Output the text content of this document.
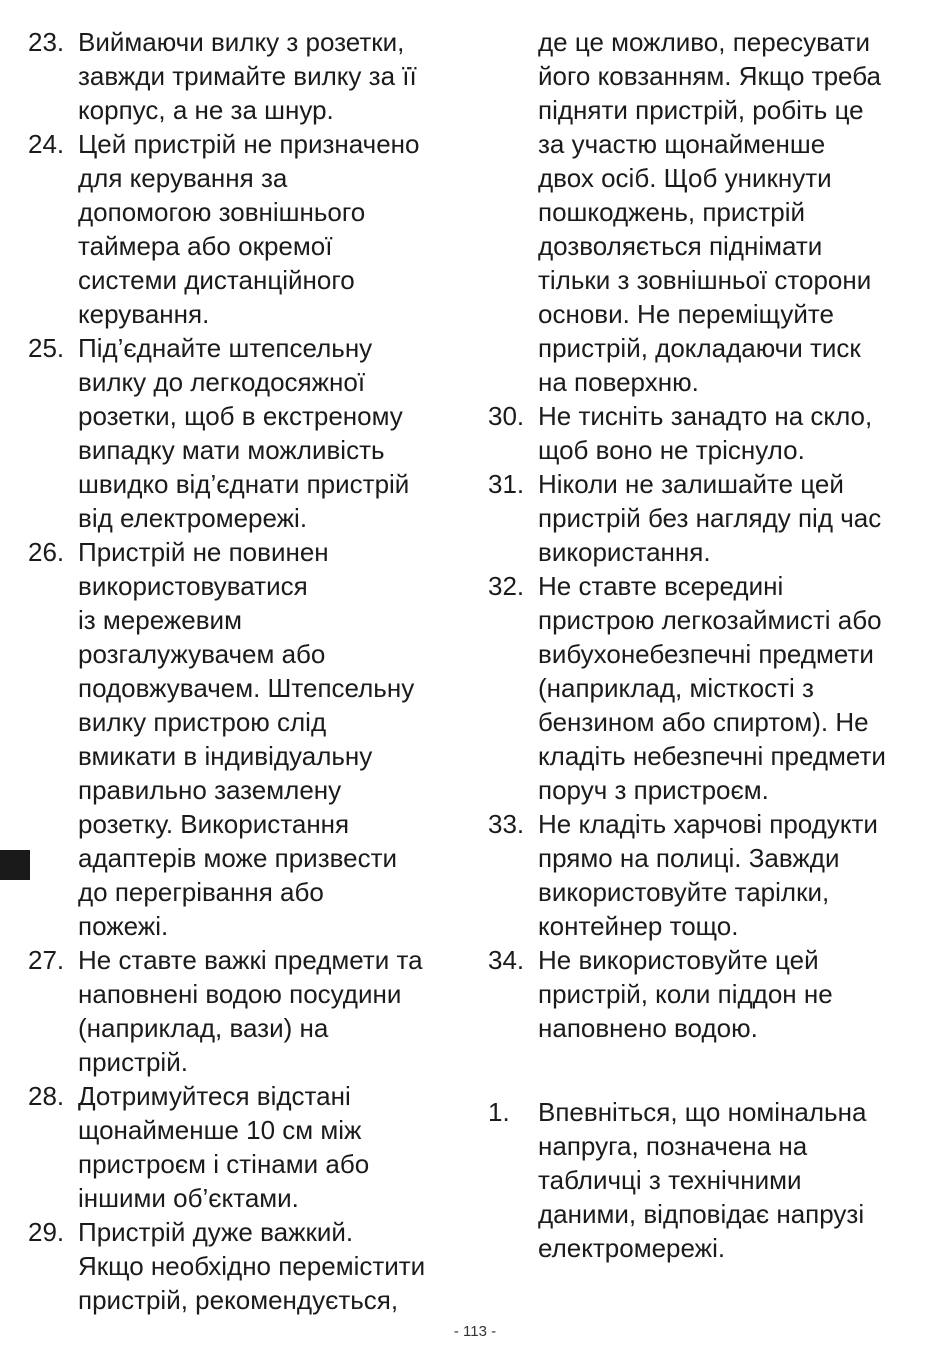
23. Виймаючи вилку з розетки,
завжди тримайте вилку за її
корпус, а не за шнур.
24. Цей пристрій не призначено
для керування за
допомогою зовнішнього
таймера або окремої
системи дистанційного
керування.
25. Під’єднайте штепсельну
вилку до легкодосяжної
розетки, щоб в екстреному
випадку мати можливість
швидко від’єднати пристрій
від електромережі.
26. Пристрій не повинен
використовуватися
із мережевим
розгалужувачем або
подовжувачем. Штепсельну
вилку пристрою слід
вмикати в індивідуальну
правильно заземлену
розетку. Використання
адаптерів може призвести
до перегрівання або
пожежі.
27. Не ставте важкі предмети та
наповнені водою посудини
(наприклад, вази) на
пристрій.
28. Дотримуйтеся відстані
щонайменше 10 см між
пристроєм і стінами або
іншими об’єктами.
29. Пристрій дуже важкий.
Якщо необхідно перемістити
пристрій, рекомендується,
де це можливо, пересувати
його ковзанням. Якщо треба
підняти пристрій, робіть це
за участю щонайменше
двох осіб. Щоб уникнути
пошкоджень, пристрій
дозволяється піднімати
тільки з зовнішньої сторони
основи. Не переміщуйте
пристрій, докладаючи тиск
на поверхню.
30. Не тисніть занадто на скло,
щоб воно не тріснуло.
31. Ніколи не залишайте цей
пристрій без нагляду під час
використання.
32. Не ставте всередині
пристрою легкозаймисті або
вибухонебезпечні предмети
(наприклад, місткості з
бензином або спиртом). Не
кладіть небезпечні предмети
поруч з пристроєм.
33. Не кладіть харчові продукти
прямо на полиці. Завжди
використовуйте тарілки,
контейнер тощо.
34. Не використовуйте цей
пристрій, коли піддон не
наповнено водою.
1.	Впевніться, що номінальна
напруга, позначена на
табличці з технічними
даними, відповідає напрузі
електромережі.
- 113 -
